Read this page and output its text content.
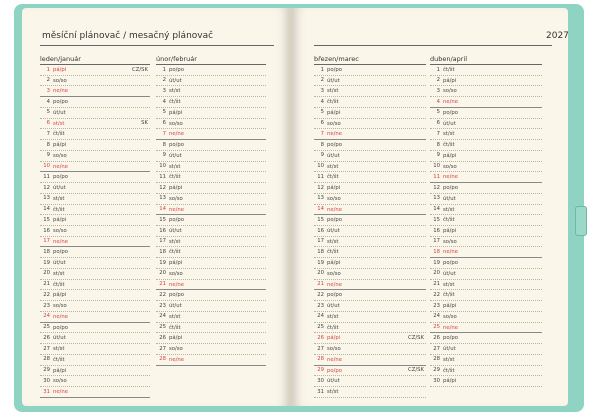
měsíční plánovač / mesačný plánovač	2027
leden/január
1 pá/pi	CZ/SK
2 so/so
3 ne/ne
4 po/po
5 út/ut
6 st/st	SK
7 čt/št
8 pá/pi
9 so/so
10 ne/ne
11 po/po
12 út/ut
13 st/st
14 čt/št
15 pá/pi
16 so/so
17 ne/ne
18 po/po
19 út/ut
20 st/st
21 čt/št
22 pá/pi
23 so/so
24 ne/ne
25 po/po
26 út/ut
27 st/st
28 čt/št
29 pá/pi
30 so/so
31 ne/ne
únor/február
1 po/po
2 út/ut
3 st/st
4 čt/št
5 pá/pi
6 so/so
7 ne/ne
8 po/po
9 út/ut
10 st/st
11 čt/št
12 pá/pi
13 so/so
14 ne/ne
15 po/po
16 út/ut
17 st/st
18 čt/št
19 pá/pi
20 so/so
21 ne/ne
22 po/po
23 út/ut
24 st/st
25 čt/št
26 pá/pi
27 so/so
28 ne/ne
březen/marec
1 po/po
2 út/ut
3 st/st
4 čt/št
5 pá/pi
6 so/so
7 ne/ne
8 po/po
9 út/ut
10 st/st
11 čt/št
12 pá/pi
13 so/so
14 ne/ne
15 po/po
16 út/ut
17 st/st
18 čt/št
19 pá/pi
20 so/so
21 ne/ne
22 po/po
23 út/ut
24 st/st
25 čt/št
26 pá/pi	CZ/SK
27 so/so
28 ne/ne
29 po/po	CZ/SK
30 út/ut
31 st/st
duben/april
1 čt/št
2 pá/pi
3 so/so
4 ne/ne
5 po/po
6 út/ut
7 st/st
8 čt/št
9 pá/pi
10 so/so
11 ne/ne
12 po/po
13 út/ut
14 st/st
15 čt/št
16 pá/pi
17 so/so
18 ne/ne
19 po/po
20 út/ut
21 st/st
22 čt/št
23 pá/pi
24 so/so
25 ne/ne
26 po/po
27 út/ut
28 st/st
29 čt/št
30 pá/pi
